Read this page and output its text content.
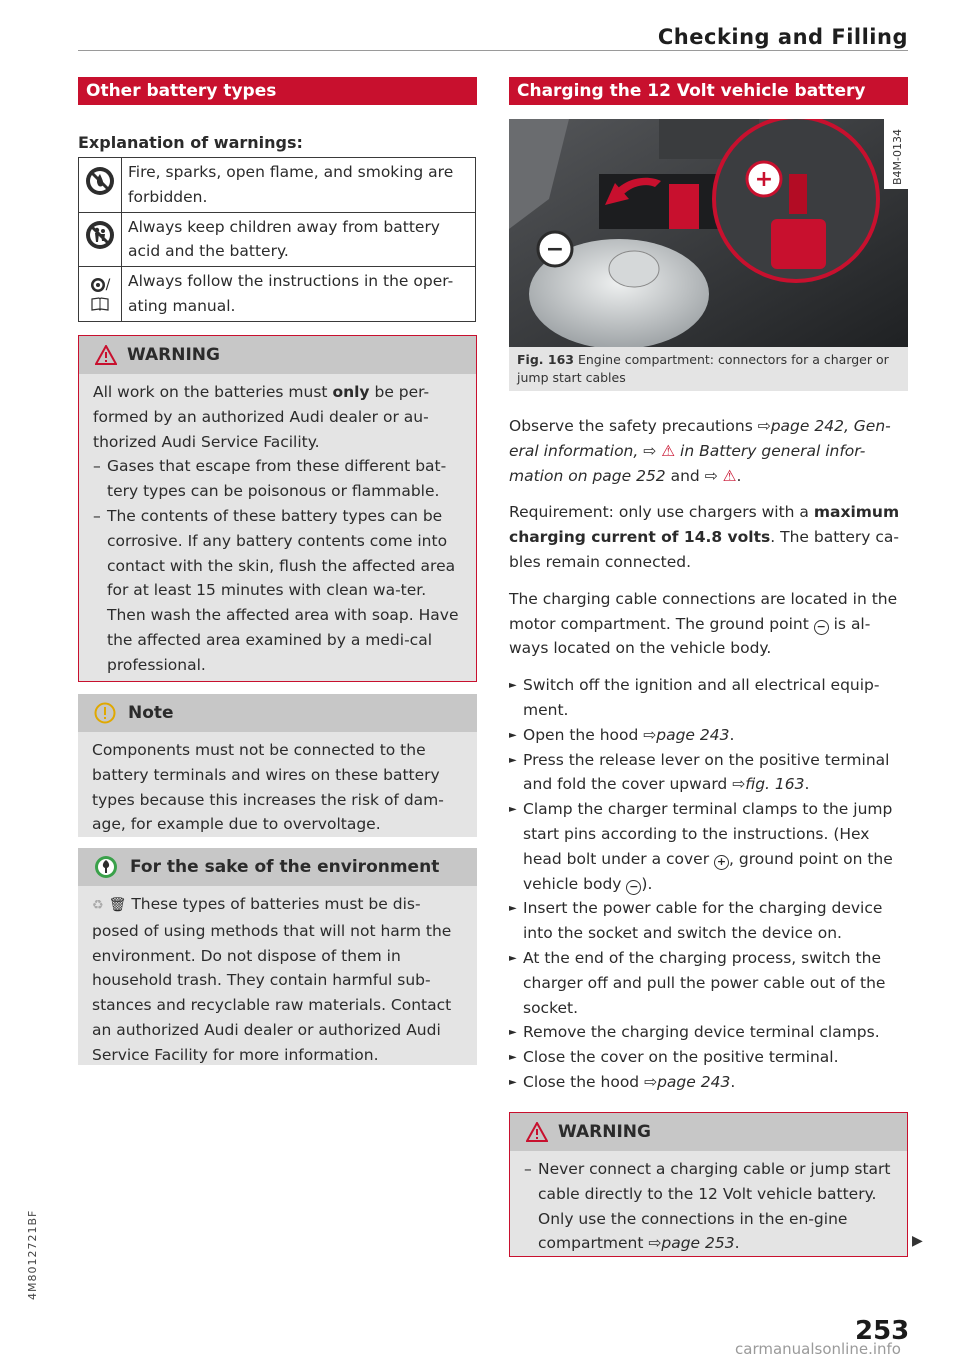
Checking and Filling
Other battery types
Explanation of warnings:
	Fire, sparks, open flame, and smoking are forbidden.
	Always keep children away from battery acid and the battery.
/	Always follow the instructions in the oper-ating manual.
WARNING

All work on the batteries must only be per-formed by an authorized Audi dealer or au-thorized Audi Service Facility.

– Gases that escape from these different bat-tery types can be poisonous or flammable.
– The contents of these battery types can be corrosive. If any battery contents come into contact with the skin, flush the affected area for at least 15 minutes with clean wa-ter. Then wash the affected area with soap. Have the affected area examined by a medi-cal professional.
Note

Components must not be connected to the battery terminals and wires on these battery types because this increases the risk of dam-age, for example due to overvoltage.

For the sake of the environment

♻ 🗑 These types of batteries must be dis-posed of using methods that will not harm the environment. Do not dispose of them in household trash. They contain harmful sub-stances and recyclable raw materials. Contact an authorized Audi dealer or authorized Audi Service Facility for more information.

Charging the 12 Volt vehicle battery
+
−
B4M-0134
Fig. 163 Engine compartment: connectors for a charger or jump start cables

Observe the safety precautions ⇨page 242, Gen-eral information, ⇨ ⚠ in Battery general infor-mation on page 252 and ⇨ ⚠.

Requirement: only use chargers with a maximum charging current of 14.8 volts. The battery ca-bles remain connected.

The charging cable connections are located in the motor compartment. The ground point − is al-ways located on the vehicle body.

► Switch off the ignition and all electrical equip-ment.
► Open the hood ⇨page 243.
► Press the release lever on the positive terminal and fold the cover upward ⇨fig. 163.
► Clamp the charger terminal clamps to the jump start pins according to the instructions. (Hex head bolt under a cover + , ground point on the vehicle body − ).
► Insert the power cable for the charging device into the socket and switch the device on.
► At the end of the charging process, switch the charger off and pull the power cable out of the socket.
► Remove the charging device terminal clamps.
► Close the cover on the positive terminal.
► Close the hood ⇨page 243.
WARNING
– Never connect a charging cable or jump start cable directly to the 12 Volt vehicle battery. Only use the connections in the en-gine compartment ⇨page 253.	▶
253
4M8012721BF
carmanualsonline.info
